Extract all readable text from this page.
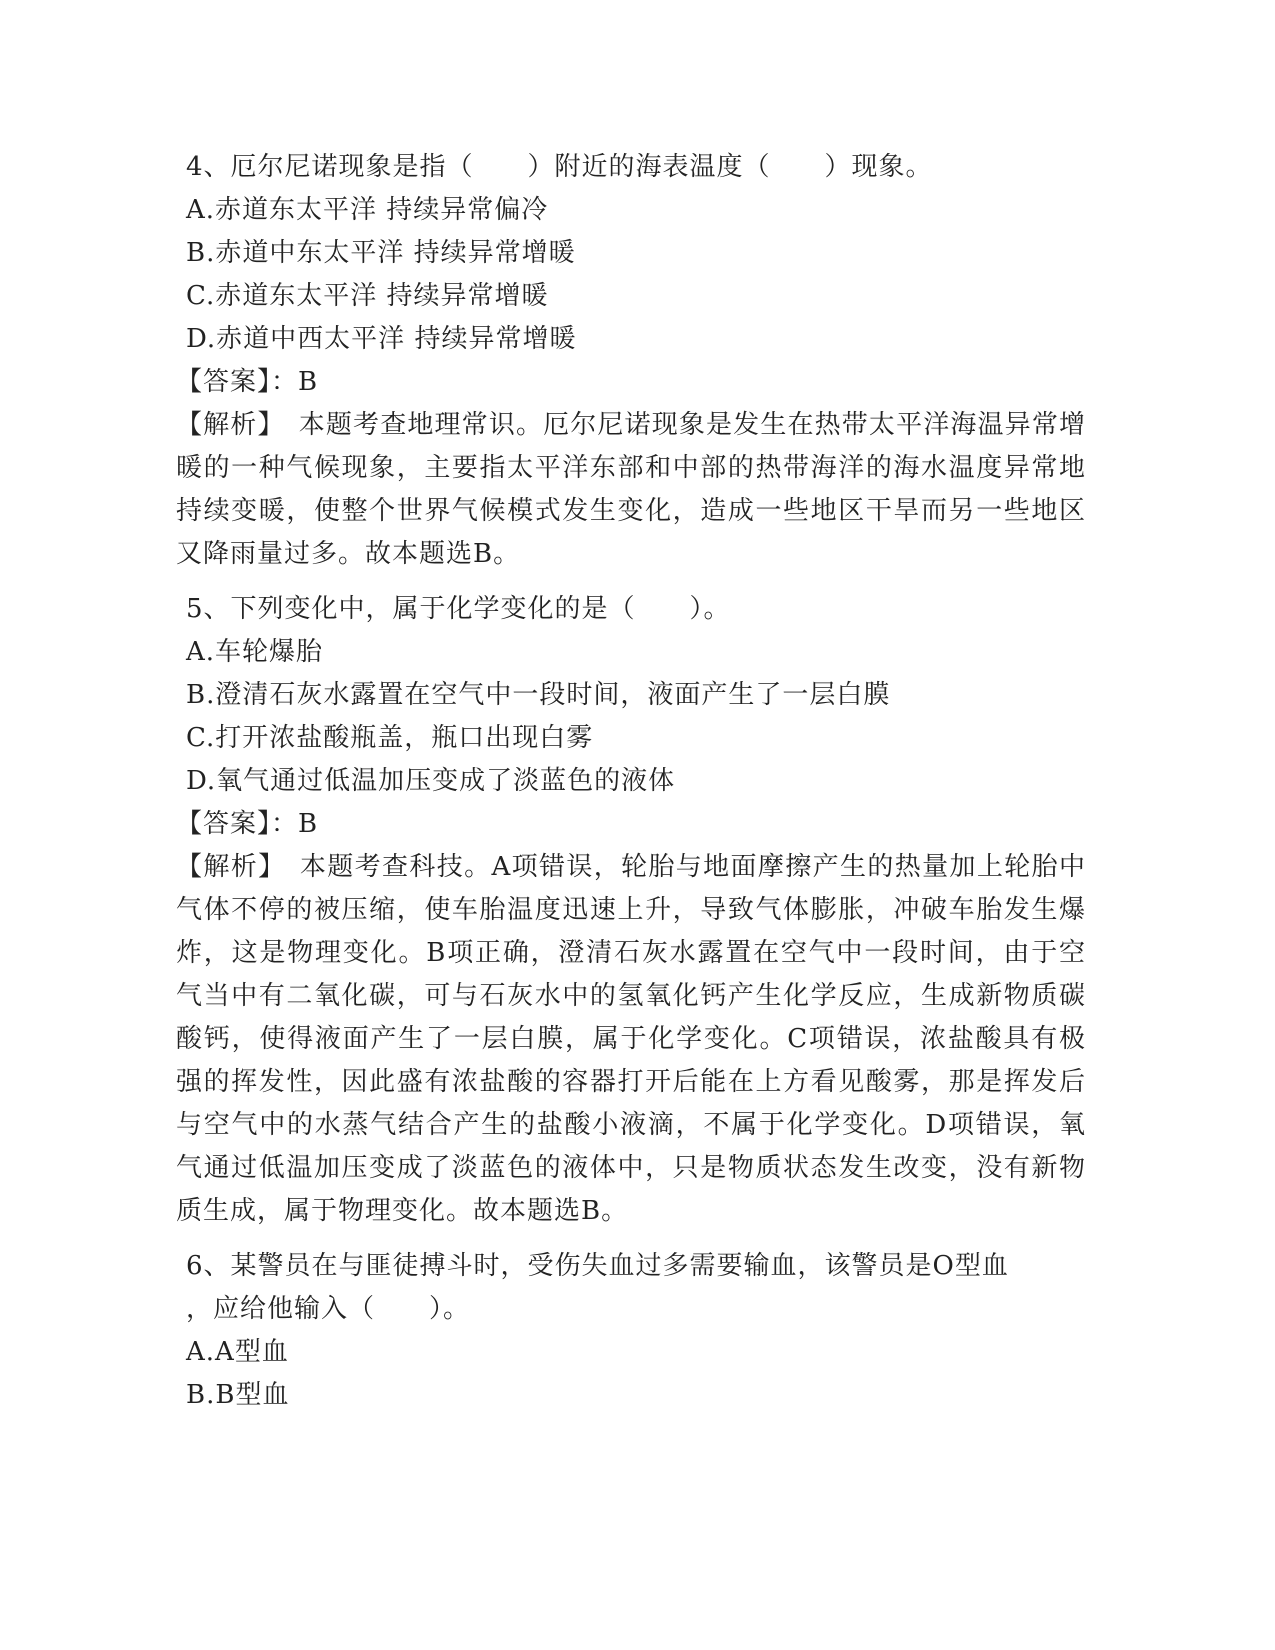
4、厄尔尼诺现象是指（　　）附近的海表温度（　　）现象。
A.赤道东太平洋 持续异常偏冷
B.赤道中东太平洋 持续异常增暖
C.赤道东太平洋 持续异常增暖
D.赤道中西太平洋 持续异常增暖
【答案】：B
【解析】　本题考查地理常识。厄尔尼诺现象是发生在热带太平洋海温异常增暖的一种气候现象，主要指太平洋东部和中部的热带海洋的海水温度异常地持续变暖，使整个世界气候模式发生变化，造成一些地区干旱而另一些地区又降雨量过多。故本题选B。
5、下列变化中，属于化学变化的是（　　）。
A.车轮爆胎
B.澄清石灰水露置在空气中一段时间，液面产生了一层白膜
C.打开浓盐酸瓶盖，瓶口出现白雾
D.氧气通过低温加压变成了淡蓝色的液体
【答案】：B
【解析】　本题考查科技。A项错误，轮胎与地面摩擦产生的热量加上轮胎中气体不停的被压缩，使车胎温度迅速上升，导致气体膨胀，冲破车胎发生爆炸，这是物理变化。B项正确，澄清石灰水露置在空气中一段时间，由于空气当中有二氧化碳，可与石灰水中的氢氧化钙产生化学反应，生成新物质碳酸钙，使得液面产生了一层白膜，属于化学变化。C项错误，浓盐酸具有极强的挥发性，因此盛有浓盐酸的容器打开后能在上方看见酸雾，那是挥发后与空气中的水蒸气结合产生的盐酸小液滴，不属于化学变化。D项错误，氧气通过低温加压变成了淡蓝色的液体中，只是物质状态发生改变，没有新物质生成，属于物理变化。故本题选B。
6、某警员在与匪徒搏斗时，受伤失血过多需要输血，该警员是O型血
，应给他输入（　　）。
A.A型血
B.B型血
